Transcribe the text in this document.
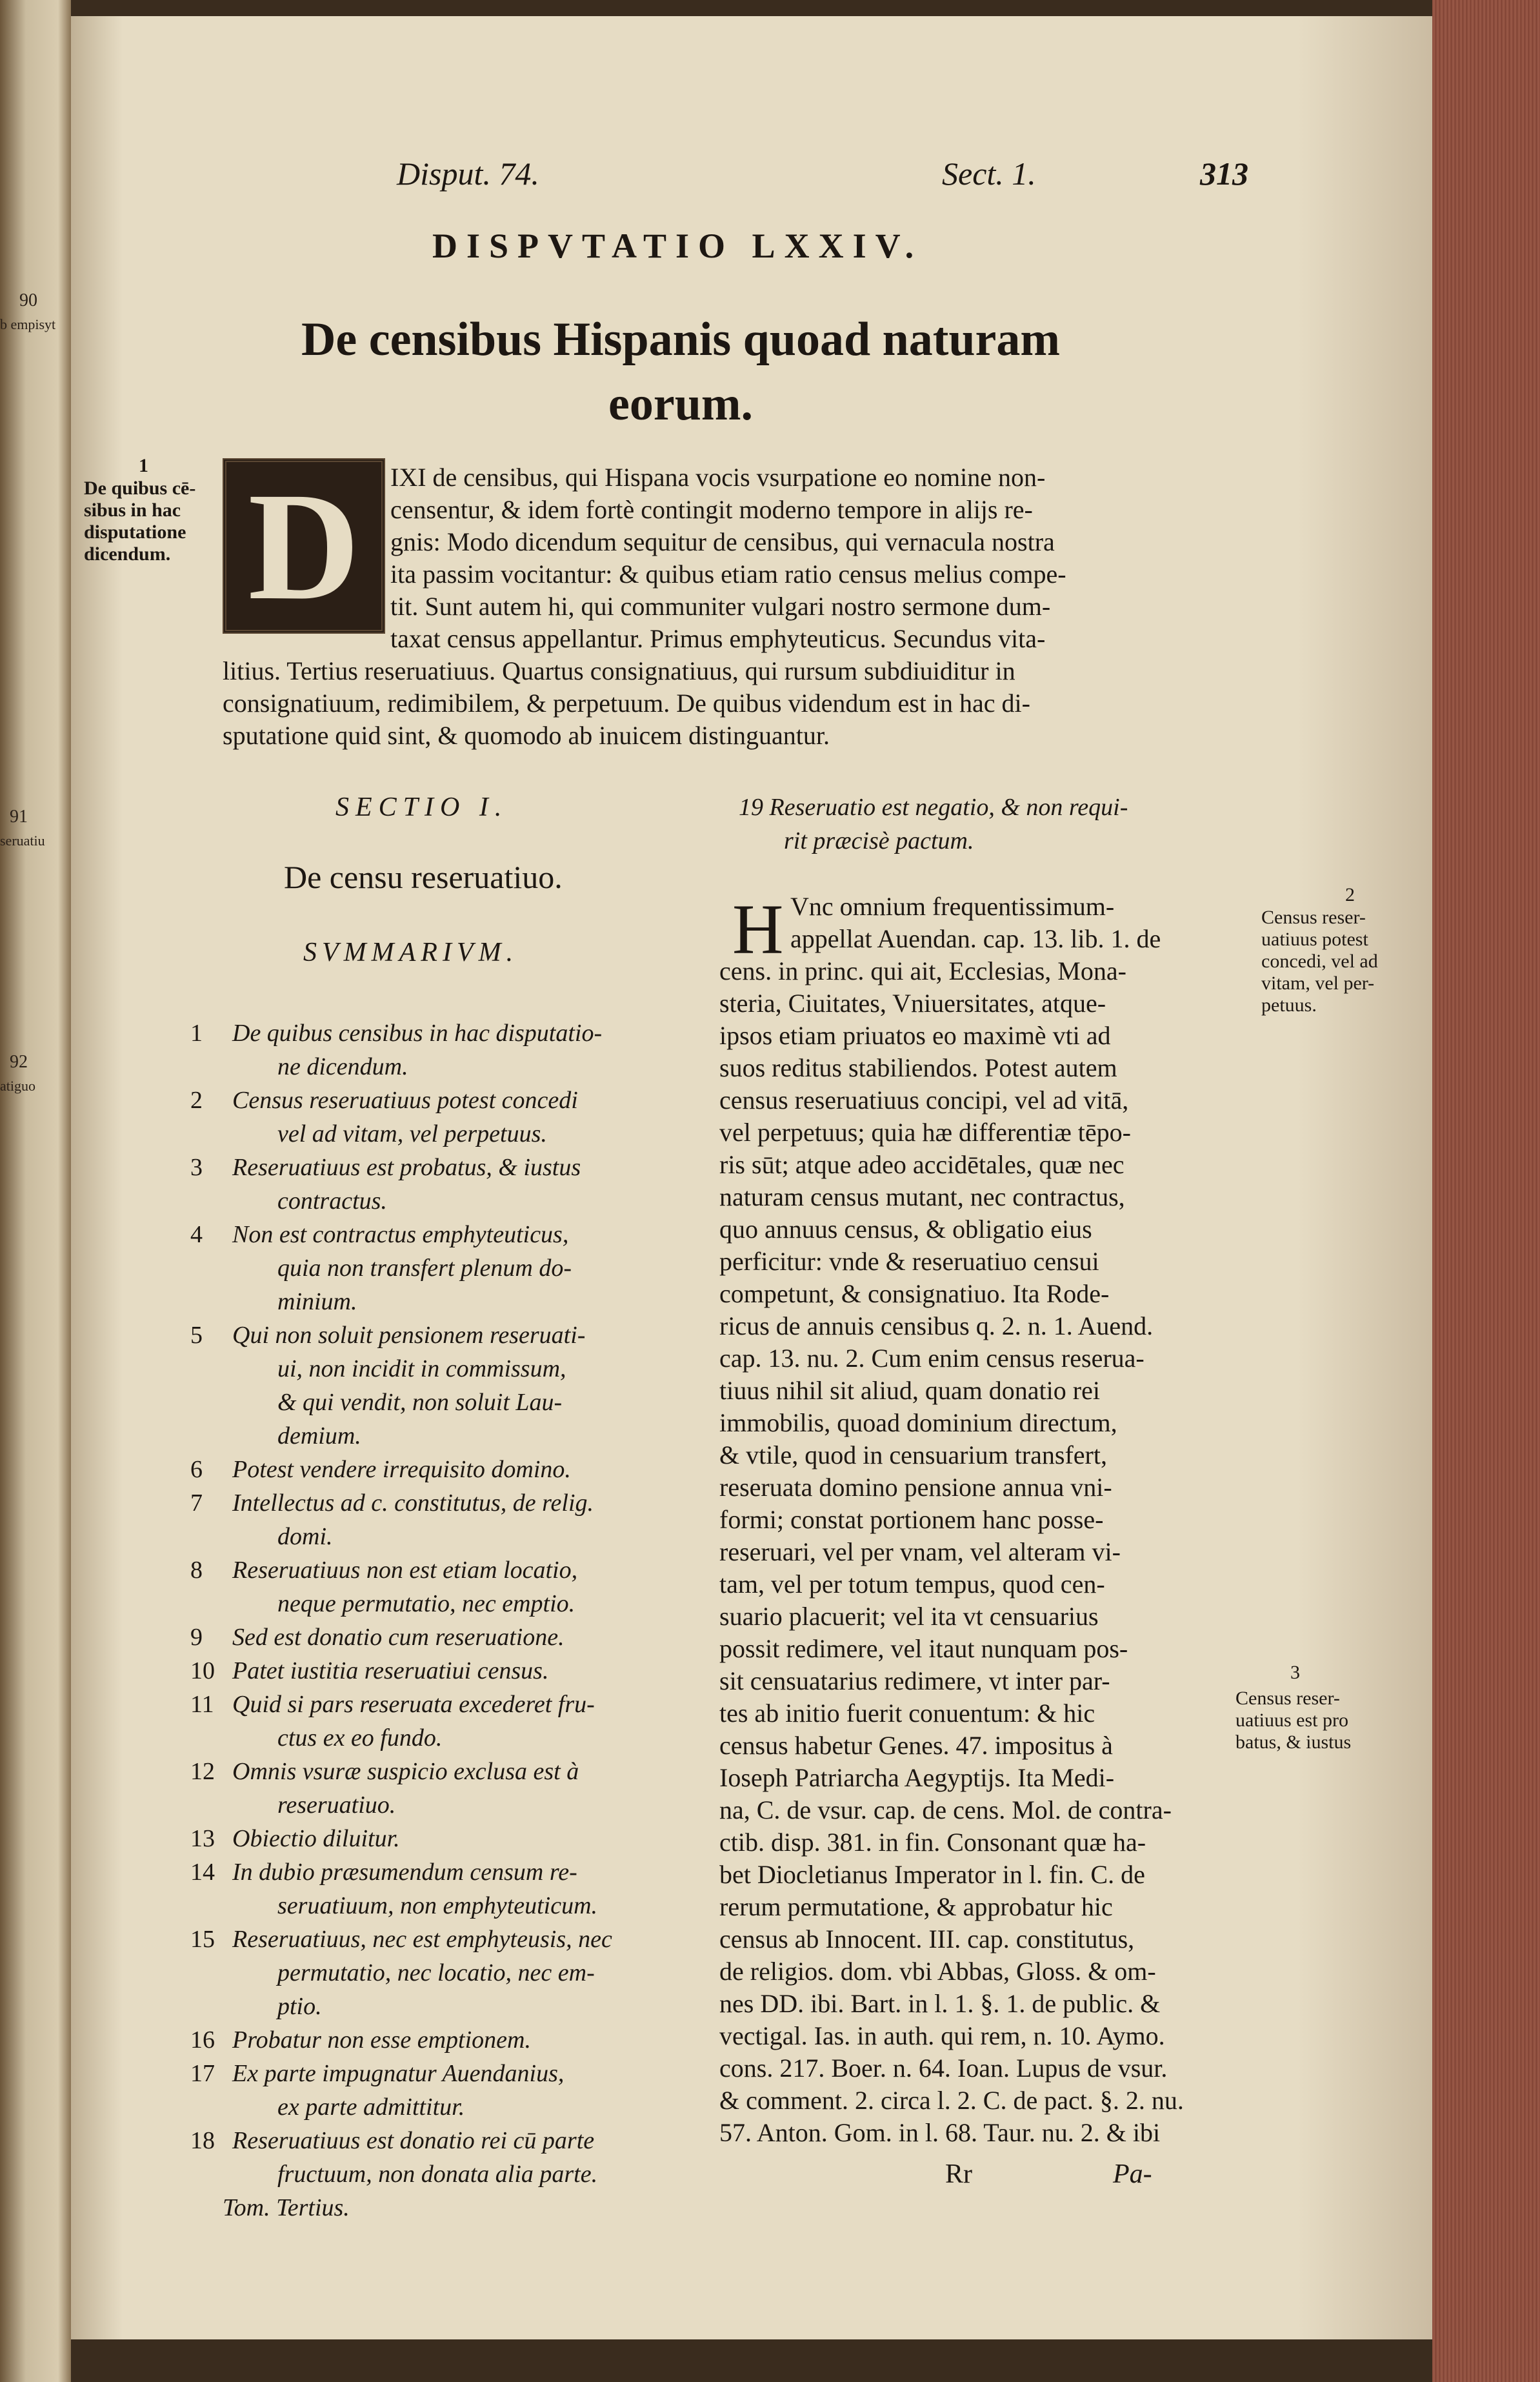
90
b empisyt
91
seruatiu
92
atiguo
Disput. 74.	Sect. 1.	313
DISPVTATIO LXXIV.
De censibus Hispanis quoad naturam
eorum.
1
De quibus cē-
sibus in hac
disputatione
dicendum. D	IXI de censibus, qui Hispana vocis vsurpatione eo nomine non-
censentur, & idem fortè contingit moderno tempore in alijs re-
gnis: Modo dicendum sequitur de censibus, qui vernacula nostra
ita passim vocitantur: & quibus etiam ratio census melius compe-
tit. Sunt autem hi, qui communiter vulgari nostro sermone dum-
taxat census appellantur. Primus emphyteuticus. Secundus vita-
litius. Tertius reseruatiuus. Quartus consignatiuus, qui rursum subdiuiditur in
consignatiuum, redimibilem, & perpetuum. De quibus videndum est in hac di-
sputatione quid sint, & quomodo ab inuicem distinguantur.
SECTIO I.
De censu reseruatiuo.
SVMMARIVM.
1	De quibus censibus in hac disputatio-
ne dicendum.
2	Census reseruatiuus potest concedi
vel ad vitam, vel perpetuus.
3	Reseruatiuus est probatus, & iustus
contractus.
4	Non est contractus emphyteuticus,
quia non transfert plenum do-
minium.
5	Qui non soluit pensionem reseruati-
ui, non incidit in commissum,
& qui vendit, non soluit Lau-
demium.
6	Potest vendere irrequisito domino.
7	Intellectus ad c. constitutus, de relig.
domi.
8	Reseruatiuus non est etiam locatio,
neque permutatio, nec emptio.
9	Sed est donatio cum reseruatione.
10 Patet iustitia reseruatiui census.
11 Quid si pars reseruata excederet fru-
ctus ex eo fundo.
12 Omnis vsuræ suspicio exclusa est à
reseruatiuo.
13 Obiectio diluitur.
14 In dubio præsumendum censum re-
seruatiuum, non emphyteuticum.
15 Reseruatiuus, nec est emphyteusis, nec
permutatio, nec locatio, nec em-
ptio.
16 Probatur non esse emptionem.
17 Ex parte impugnatur Auendanius,
ex parte admittitur.
18 Reseruatiuus est donatio rei cū parte
fructuum, non donata alia parte.
Tom. Tertius.
19 Reseruatio est negatio, & non requi-
rit præcisè pactum.
H Vnc omnium frequentissimum-
appellat Auendan. cap. 13. lib. 1. de
cens. in princ. qui ait, Ecclesias, Mona-
steria, Ciuitates, Vniuersitates, atque-
ipsos etiam priuatos eo maximè vti ad
suos reditus stabiliendos. Potest autem
census reseruatiuus concipi, vel ad vitā,
vel perpetuus; quia hæ differentiæ tēpo-
ris sūt; atque adeo accidētales, quæ nec
naturam census mutant, nec contractus,
quo annuus census, & obligatio eius
perficitur: vnde & reseruatiuo censui
competunt, & consignatiuo. Ita Rode-
ricus de annuis censibus q. 2. n. 1. Auend.
cap. 13. nu. 2. Cum enim census reserua-
tiuus nihil sit aliud, quam donatio rei
immobilis, quoad dominium directum,
& vtile, quod in censuarium transfert,
reseruata domino pensione annua vni-
formi; constat portionem hanc posse-
reseruari, vel per vnam, vel alteram vi-
tam, vel per totum tempus, quod cen-
suario placuerit; vel ita vt censuarius
possit redimere, vel itaut nunquam pos-
sit censuatarius redimere, vt inter par-
tes ab initio fuerit conuentum: & hic
census habetur Genes. 47. impositus à
Ioseph Patriarcha Aegyptijs. Ita Medi-
na, C. de vsur. cap. de cens. Mol. de contra-
ctib. disp. 381. in fin. Consonant quæ ha-
bet Diocletianus Imperator in l. fin. C. de
rerum permutatione, & approbatur hic
census ab Innocent. III. cap. constitutus,
de religios. dom. vbi Abbas, Gloss. & om-
nes DD. ibi. Bart. in l. 1. §. 1. de public. &
vectigal. Ias. in auth. qui rem, n. 10. Aymo.
cons. 217. Boer. n. 64. Ioan. Lupus de vsur.
& comment. 2. circa l. 2. C. de pact. §. 2. nu.
57. Anton. Gom. in l. 68. Taur. nu. 2. & ibi
Rr	Pa-
2
Census reser-
uatiuus potest
concedi, vel ad
vitam, vel per-
petuus.
3
Census reser-
uatiuus est pro
batus, & iustus
